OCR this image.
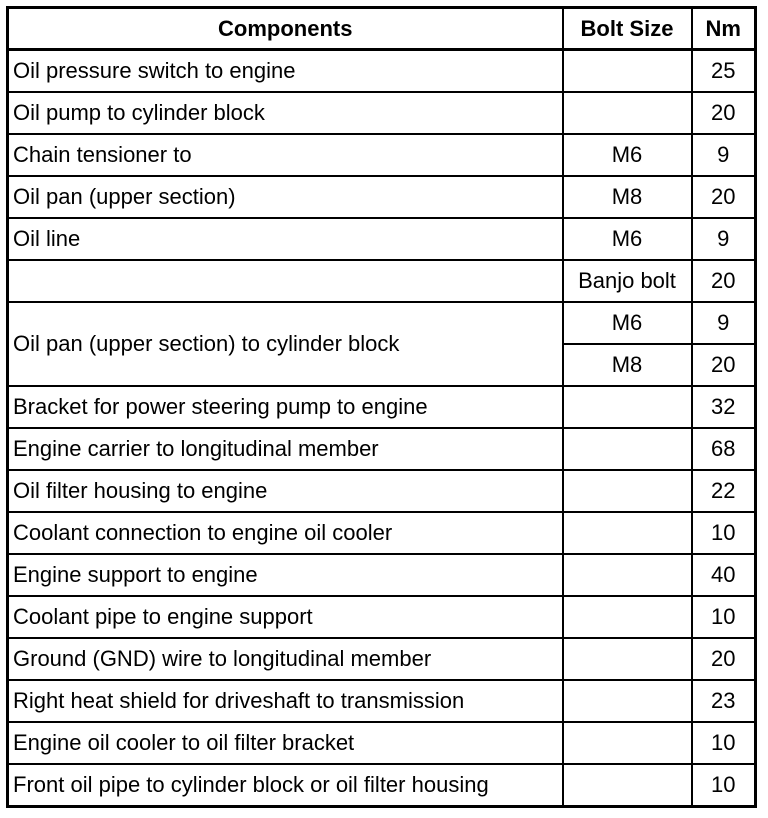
Components	Bolt Size	Nm
Oil pressure switch to engine		25
Oil pump to cylinder block		20
Chain tensioner to	M6	9
Oil pan (upper section)	M8	20
Oil line	M6	9
	Banjo bolt	20
Oil pan (upper section) to cylinder block	M6	9
	M8	20
Bracket for power steering pump to engine		32
Engine carrier to longitudinal member		68
Oil filter housing to engine		22
Coolant connection to engine oil cooler		10
Engine support to engine		40
Coolant pipe to engine support		10
Ground (GND) wire to longitudinal member		20
Right heat shield for driveshaft to transmission		23
Engine oil cooler to oil filter bracket		10
Front oil pipe to cylinder block or oil filter housing		10
